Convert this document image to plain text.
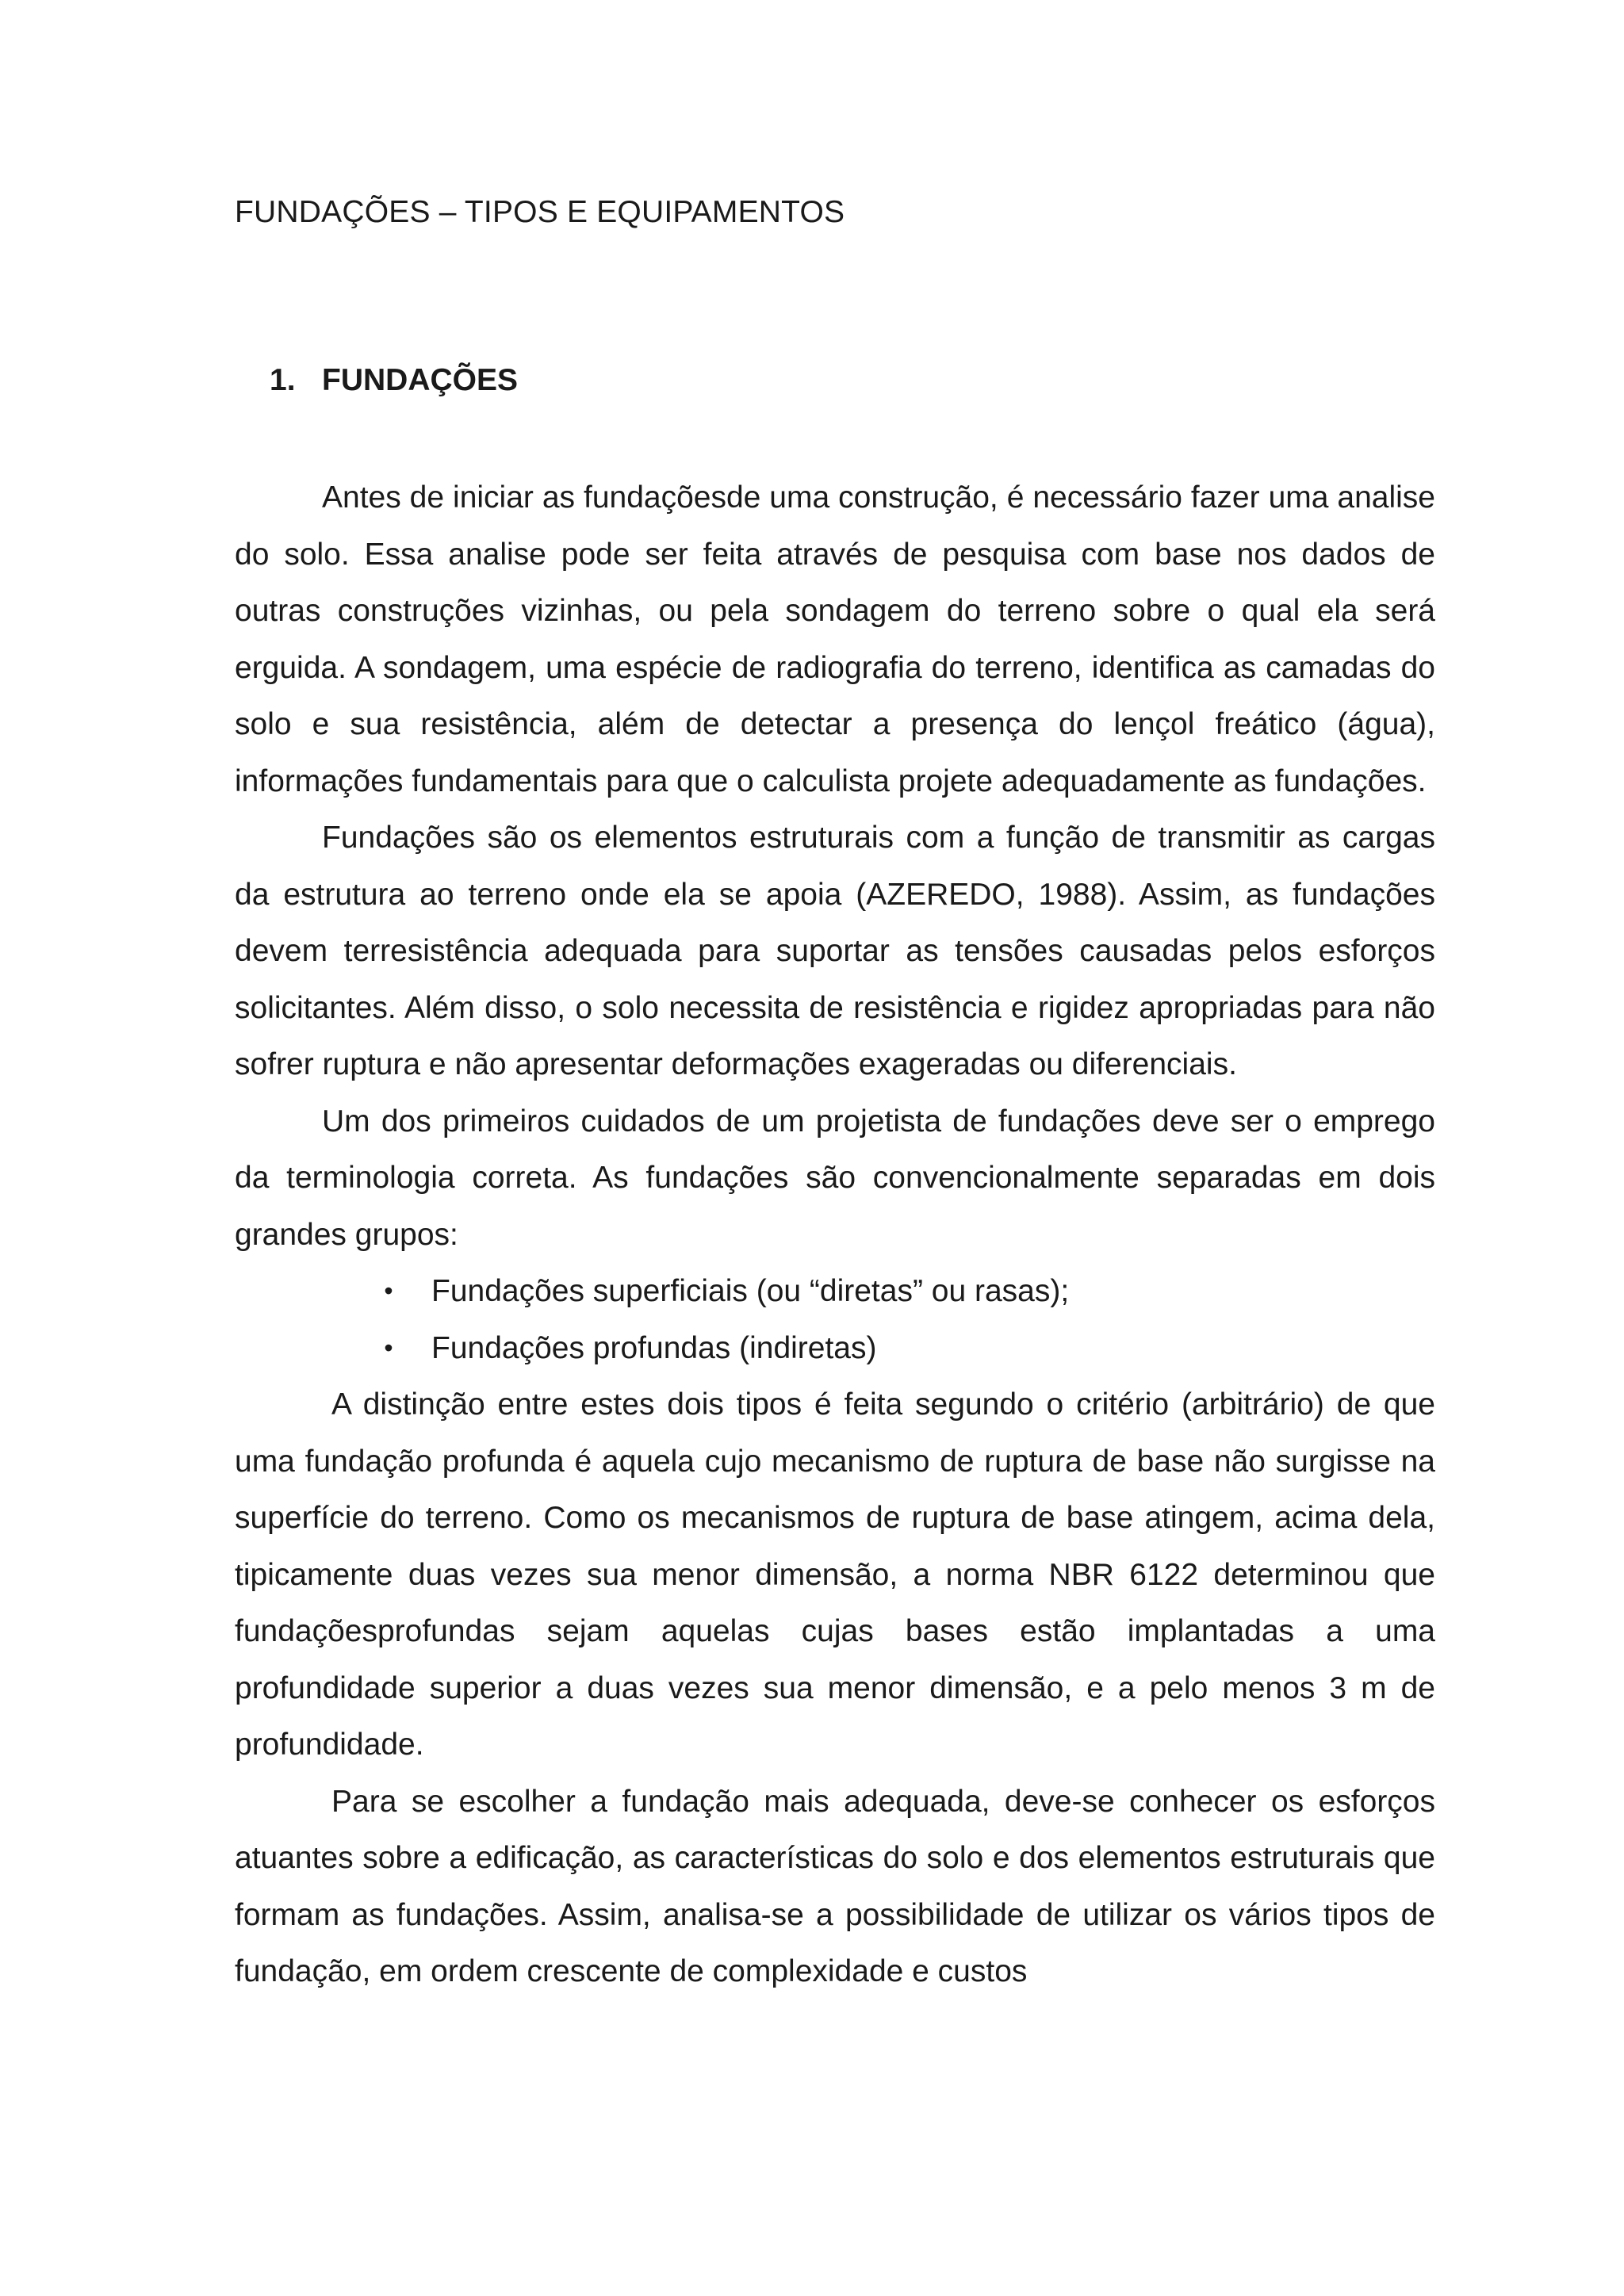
FUNDAÇÕES – TIPOS E EQUIPAMENTOS
1. FUNDAÇÕES

Antes de iniciar as fundaçõesde uma construção, é necessário fazer uma analise do solo. Essa analise pode ser feita através de pesquisa com base nos dados de outras construções vizinhas, ou pela sondagem do terreno sobre o qual ela será erguida. A sondagem, uma espécie de radiografia do terreno, identifica as camadas do solo e sua resistência, além de detectar a presença do lençol freático (água), informações fundamentais para que o calculista projete adequadamente as fundações.

Fundações são os elementos estruturais com a função de transmitir as cargas da estrutura ao terreno onde ela se apoia (AZEREDO, 1988). Assim, as fundações devem terresistência adequada para suportar as tensões causadas pelos esforços solicitantes. Além disso, o solo necessita de resistência e rigidez apropriadas para não sofrer ruptura e não apresentar deformações exageradas ou diferenciais.

Um dos primeiros cuidados de um projetista de fundações deve ser o emprego da terminologia correta. As fundações são convencionalmente separadas em dois grandes grupos:

• Fundações superficiais (ou “diretas” ou rasas);
• Fundações profundas (indiretas)

A distinção entre estes dois tipos é feita segundo o critério (arbitrário) de que uma fundação profunda é aquela cujo mecanismo de ruptura de base não surgisse na superfície do terreno. Como os mecanismos de ruptura de base atingem, acima dela, tipicamente duas vezes sua menor dimensão, a norma NBR 6122 determinou que fundaçõesprofundas sejam aquelas cujas bases estão implantadas a uma profundidade superior a duas vezes sua menor dimensão, e a pelo menos 3 m de profundidade.

Para se escolher a fundação mais adequada, deve-se conhecer os esforços atuantes sobre a edificação, as características do solo e dos elementos estruturais que formam as fundações. Assim, analisa-se a possibilidade de utilizar os vários tipos de fundação, em ordem crescente de complexidade e custos
